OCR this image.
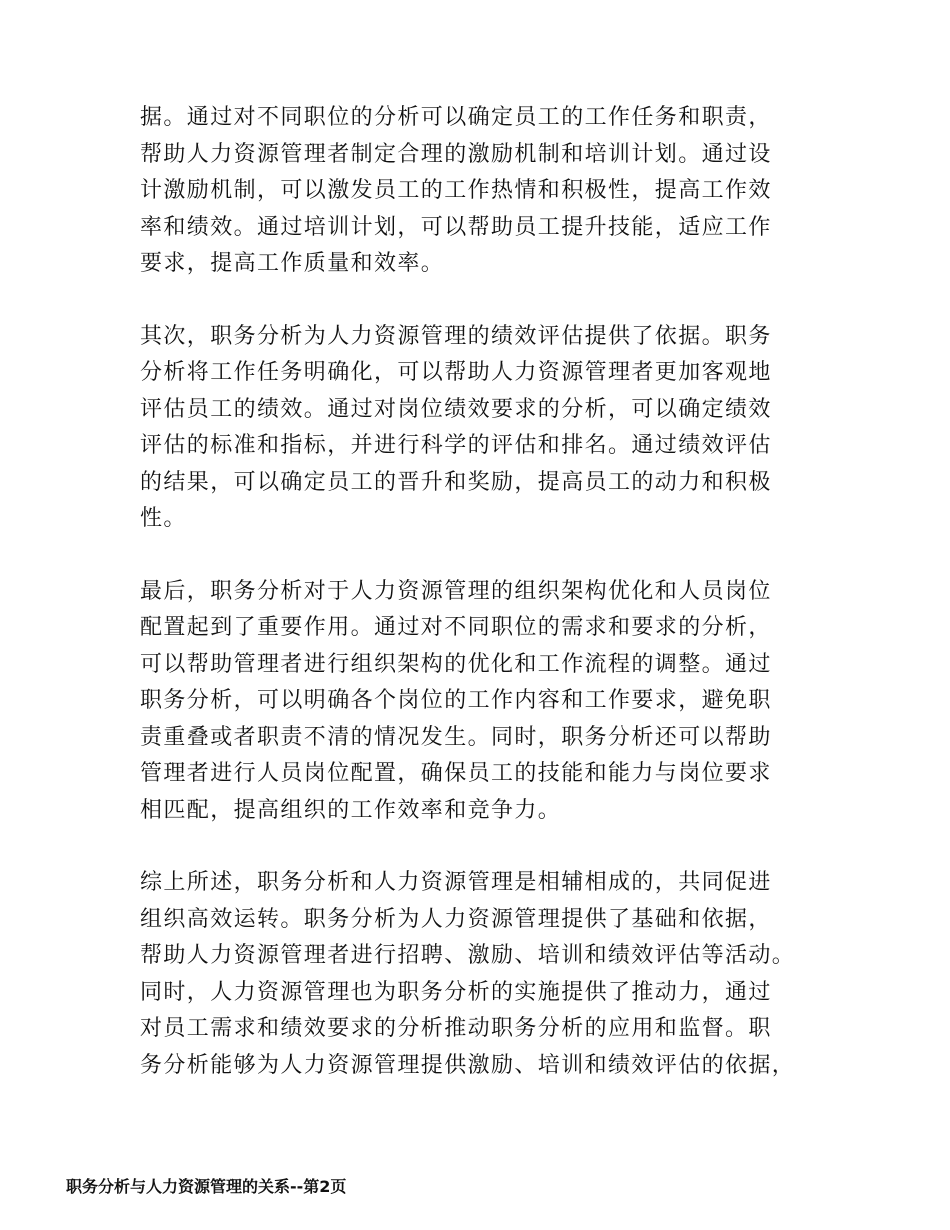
据。通过对不同职位的分析可以确定员工的工作任务和职责，
帮助人力资源管理者制定合理的激励机制和培训计划。通过设
计激励机制，可以激发员工的工作热情和积极性，提高工作效
率和绩效。通过培训计划，可以帮助员工提升技能，适应工作
要求，提高工作质量和效率。

其次，职务分析为人力资源管理的绩效评估提供了依据。职务
分析将工作任务明确化，可以帮助人力资源管理者更加客观地
评估员工的绩效。通过对岗位绩效要求的分析，可以确定绩效
评估的标准和指标，并进行科学的评估和排名。通过绩效评估
的结果，可以确定员工的晋升和奖励，提高员工的动力和积极
性。

最后，职务分析对于人力资源管理的组织架构优化和人员岗位
配置起到了重要作用。通过对不同职位的需求和要求的分析，
可以帮助管理者进行组织架构的优化和工作流程的调整。通过
职务分析，可以明确各个岗位的工作内容和工作要求，避免职
责重叠或者职责不清的情况发生。同时，职务分析还可以帮助
管理者进行人员岗位配置，确保员工的技能和能力与岗位要求
相匹配，提高组织的工作效率和竞争力。

综上所述，职务分析和人力资源管理是相辅相成的，共同促进
组织高效运转。职务分析为人力资源管理提供了基础和依据，
帮助人力资源管理者进行招聘、激励、培训和绩效评估等活动。
同时，人力资源管理也为职务分析的实施提供了推动力，通过
对员工需求和绩效要求的分析推动职务分析的应用和监督。职
务分析能够为人力资源管理提供激励、培训和绩效评估的依据，

职务分析与人力资源管理的关系--第2页
